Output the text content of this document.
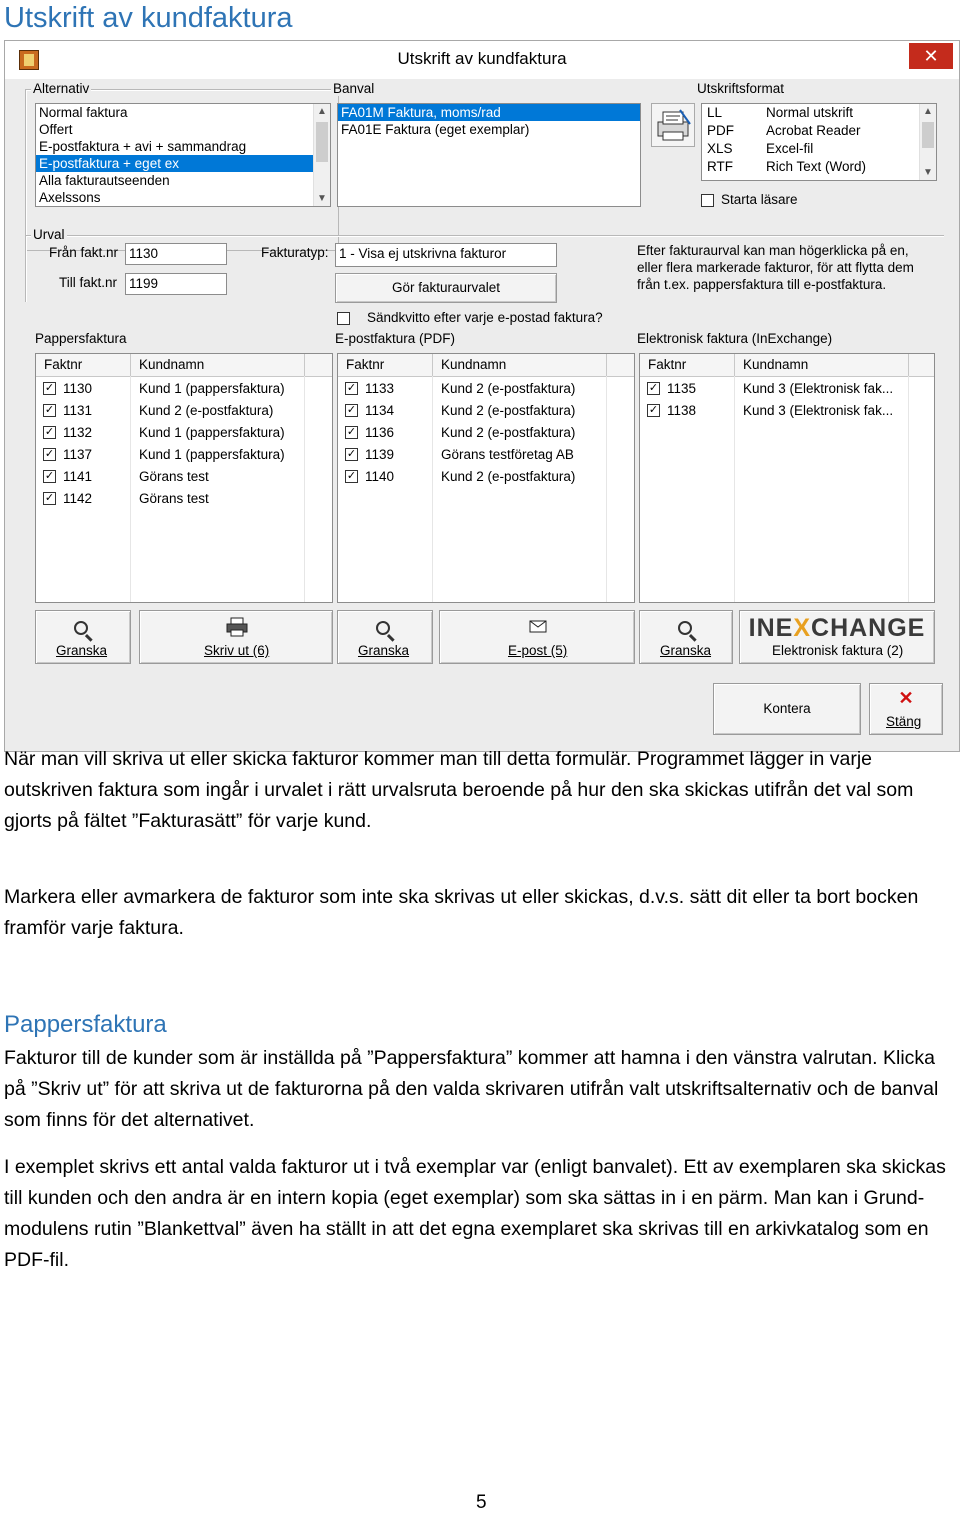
Utskrift av kundfaktura
Utskrift av kundfaktura	✕
Alternativ
Normal faktura
Offert
E-postfaktura + avi + sammandrag
E-postfaktura + eget ex
Alla fakturautseenden
Axelssons
▲
▼
Banval
FA01M Faktura, moms/rad
FA01E Faktura (eget exemplar)
Utskriftsformat
LL	Normal utskrift
PDF Acrobat Reader
XLS Excel-fil
RTF Rich Text (Word)
▲
▼
Starta läsare
Urval
Från fakt.nr 1130
Till fakt.nr 1199
Fakturatyp: 1 - Visa ej utskrivna fakturor
Gör fakturaurvalet
Sändkvitto efter varje e-postad faktura?
Efter fakturaurval kan man högerklicka på en,
eller flera markerade fakturor, för att flytta dem
från t.ex. pappersfaktura till e-postfaktura.
Pappersfaktura	E-postfaktura (PDF)	Elektronisk faktura (InExchange)
Faktnr	Kundnamn
✓ 1130	Kund 1 (pappersfaktura)
✓ 1131	Kund 2 (e-postfaktura)
✓ 1132	Kund 1 (pappersfaktura)
✓ 1137	Kund 1 (pappersfaktura)
✓ 1141	Görans test
✓ 1142	Görans test
Faktnr	Kundnamn
✓ 1133	Kund 2 (e-postfaktura)
✓ 1134	Kund 2 (e-postfaktura)
✓ 1136	Kund 2 (e-postfaktura)
✓ 1139	Görans testföretag AB
✓ 1140	Kund 2 (e-postfaktura)
Faktnr	Kundnamn
✓ 1135	Kund 3 (Elektronisk fak...
✓ 1138	Kund 3 (Elektronisk fak...
Granska	Skriv ut (6)	Granska	E-post (5)	Granska
INEXCHANGE
Elektronisk faktura (2)
Kontera
✕
Stäng
När man vill skriva ut eller skicka fakturor kommer man till detta formulär. Programmet lägger in varje outskriven faktura som ingår i urvalet i rätt urvalsruta beroende på hur den ska skickas utifrån det val som gjorts på fältet ”Fakturasätt” för varje kund.
Markera eller avmarkera de fakturor som inte ska skrivas ut eller skickas, d.v.s. sätt dit eller ta bort bocken framför varje faktura.
Pappersfaktura
Fakturor till de kunder som är inställda på ”Pappersfaktura” kommer att hamna i den vänstra valrutan. Klicka på ”Skriv ut” för att skriva ut de fakturorna på den valda skrivaren utifrån valt utskriftsalternativ och de banval som finns för det alternativet.
I exemplet skrivs ett antal valda fakturor ut i två exemplar var (enligt banvalet). Ett av exemplaren ska skickas till kunden och den andra är en intern kopia (eget exemplar) som ska sättas in i en pärm. Man kan i Grund-modulens rutin ”Blankettval” även ha ställt in att det egna exemplaret ska skrivas till en arkivkatalog som en PDF-fil.
5
